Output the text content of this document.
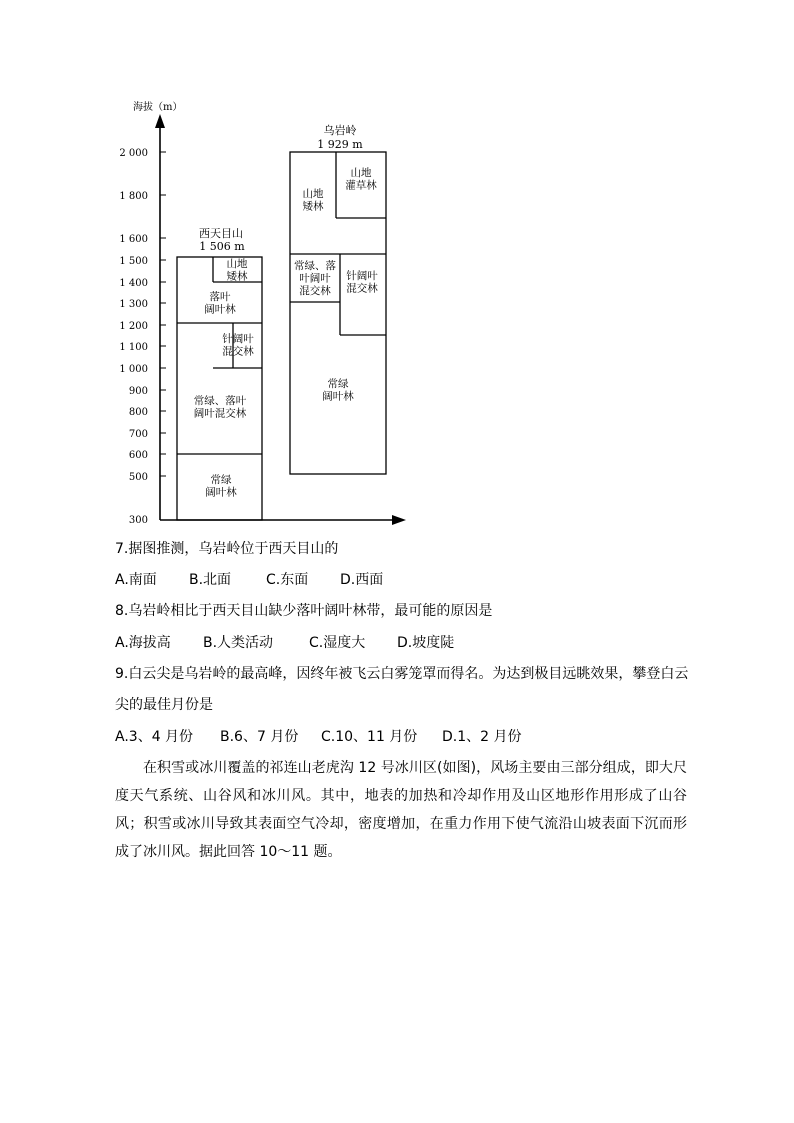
海拔（m）
2 000
1 800
1 600
1 500
1 400
1 300
1 200
1 100
1 000
900
800
700
600
500
300
西天目山
1 506 m
山地矮林
落叶阔叶林
针阔叶混交林
常绿、落叶阔叶混交林
常绿阔叶林
乌岩岭
1 929 m
山地矮林
山地灌草林
常绿、落叶阔叶混交林
针阔叶混交林
常绿阔叶林
7.据图推测，乌岩岭位于西天目山的
A.南面 B.北面 C.东面 D.西面
8.乌岩岭相比于西天目山缺少落叶阔叶林带，最可能的原因是
A.海拔高 B.人类活动	C.湿度大 D.坡度陡
9.白云尖是乌岩岭的最高峰，因终年被飞云白雾笼罩而得名。为达到极目远眺效果，攀登白云
尖的最佳月份是
A.3、4 月份 B.6、7 月份 C.10、11 月份 D.1、2 月份
在积雪或冰川覆盖的祁连山老虎沟 12 号冰川区(如图)，风场主要由三部分组成，即大尺度天气系统、山谷风和冰川风。其中，地表的加热和冷却作用及山区地形作用形成了山谷风；积雪或冰川导致其表面空气冷却，密度增加，在重力作用下使气流沿山坡表面下沉而形成了冰川风。据此回答 10～11 题。
